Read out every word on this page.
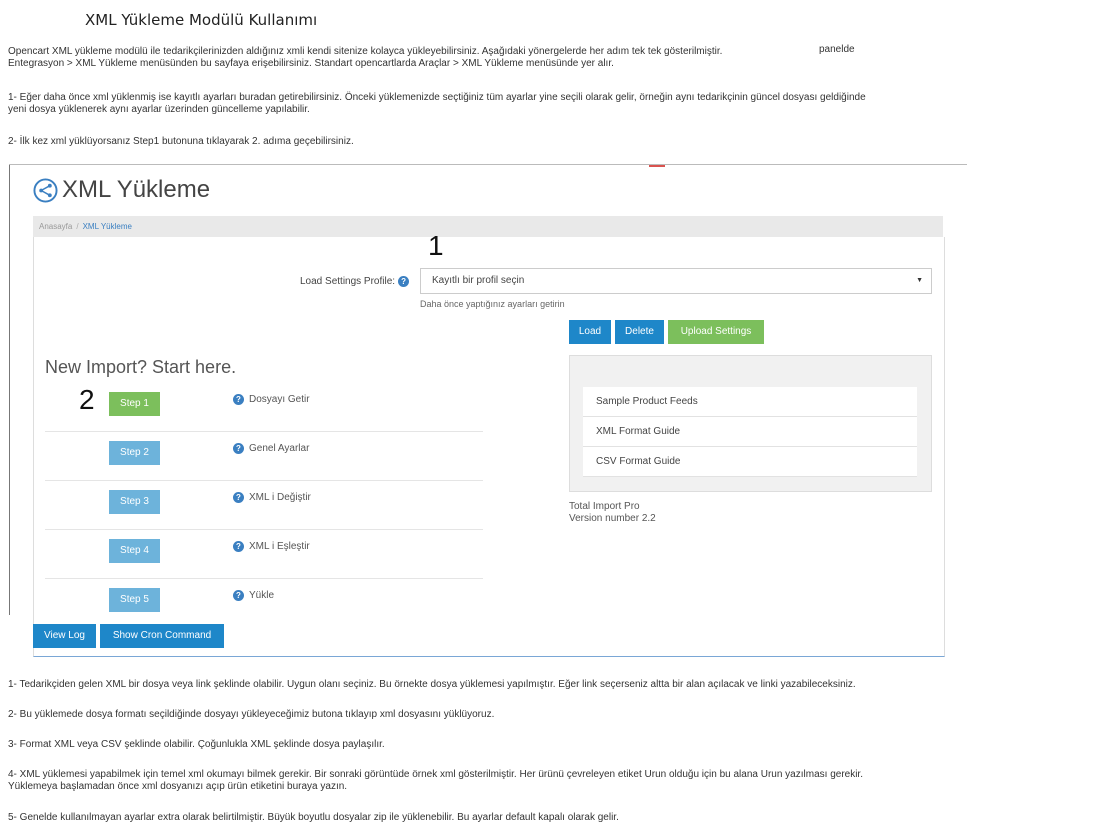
XML Yükleme Modülü Kullanımı
Opencart XML yükleme modülü ile tedarikçilerinizden aldığınız xmli kendi sitenize kolayca yükleyebilirsiniz. Aşağıdaki yönergelerde her adım tek tek gösterilmiştir.	panelde
Entegrasyon > XML Yükleme menüsünden bu sayfaya erişebilirsiniz. Standart opencartlarda Araçlar > XML Yükleme menüsünde yer alır.
1- Eğer daha önce xml yüklenmiş ise kayıtlı ayarları buradan getirebilirsiniz. Önceki yüklemenizde seçtiğiniz tüm ayarlar yine seçili olarak gelir, örneğin aynı tedarikçinin güncel dosyası geldiğinde
yeni dosya yüklenerek aynı ayarlar üzerinden güncelleme yapılabilir.
2- İlk kez xml yüklüyorsanız Step1 butonuna tıklayarak 2. adıma geçebilirsiniz.
XML Yükleme
Anasayfa / XML Yükleme
1
Load Settings Profile: ?	Kayıtlı bir profil seçin	▼
Daha önce yaptığınız ayarları getirin
Load	Delete	Upload Settings
New Import? Start here.
2	Step 1	? Dosyayı Getir
Step 2	? Genel Ayarlar
Step 3	? XML i Değiştir
Step 4	? XML i Eşleştir
Step 5	? Yükle
Sample Product Feeds
XML Format Guide
CSV Format Guide
Total Import Pro
Version number 2.2
View Log	Show Cron Command
1- Tedarikçiden gelen XML bir dosya veya link şeklinde olabilir. Uygun olanı seçiniz. Bu örnekte dosya yüklemesi yapılmıştır. Eğer link seçerseniz altta bir alan açılacak ve linki yazabileceksiniz.
2- Bu yüklemede dosya formatı seçildiğinde dosyayı yükleyeceğimiz butona tıklayıp xml dosyasını yüklüyoruz.
3- Format XML veya CSV şeklinde olabilir. Çoğunlukla XML şeklinde dosya paylaşılır.
4- XML yüklemesi yapabilmek için temel xml okumayı bilmek gerekir. Bir sonraki görüntüde örnek xml gösterilmiştir. Her ürünü çevreleyen etiket Urun olduğu için bu alana Urun yazılması gerekir.
Yüklemeya başlamadan önce xml dosyanızı açıp ürün etiketini buraya yazın.
5- Genelde kullanılmayan ayarlar extra olarak belirtilmiştir. Büyük boyutlu dosyalar zip ile yüklenebilir. Bu ayarlar default kapalı olarak gelir.
